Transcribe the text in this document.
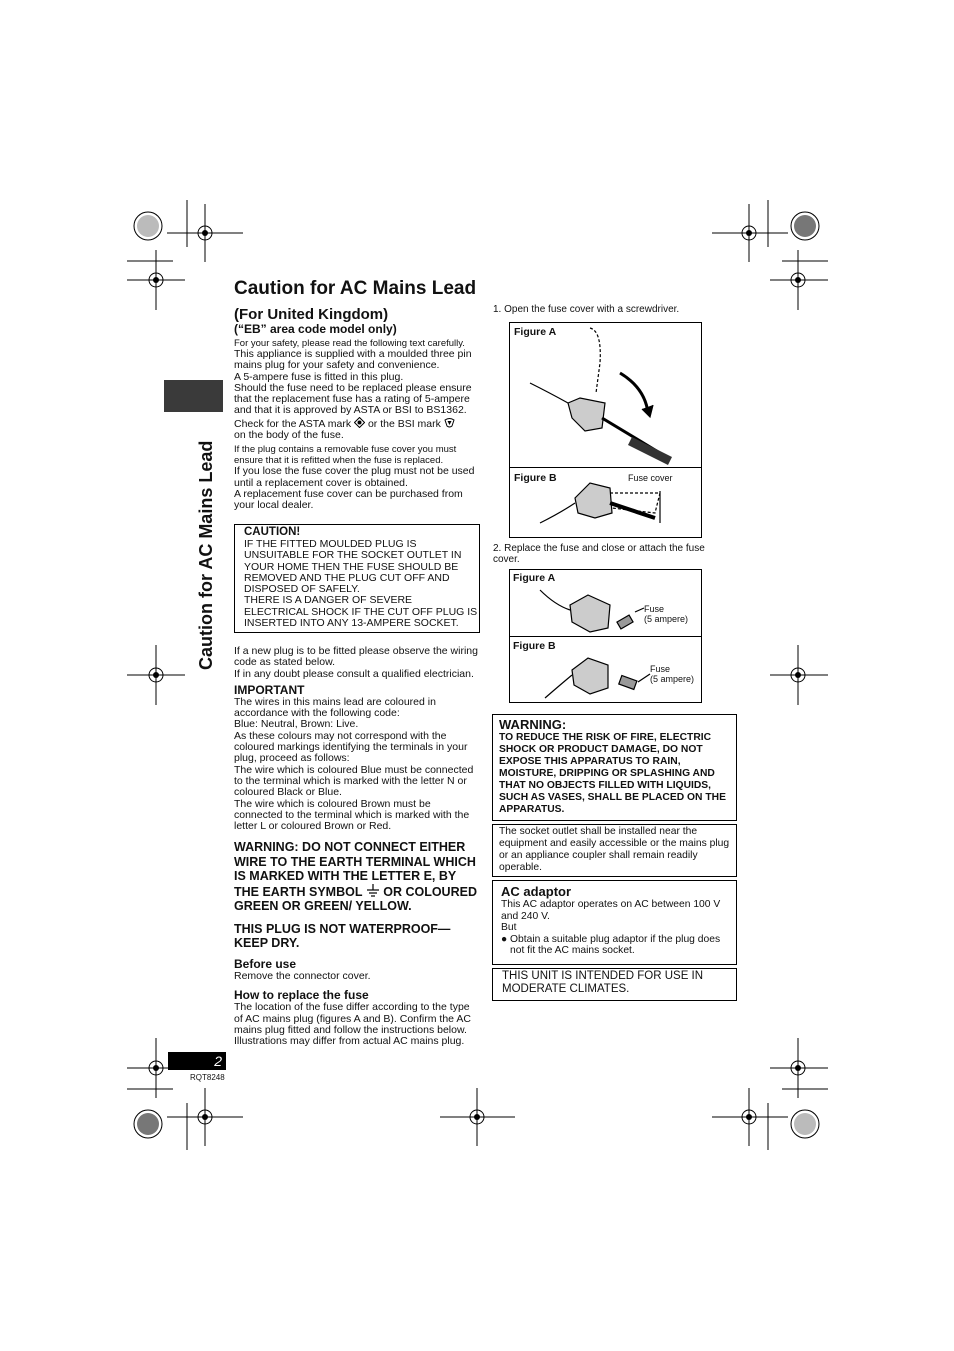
Caution for AC Mains Lead
Caution for AC Mains Lead
(For United Kingdom)
(“EB” area code model only)
For your safety, please read the following text carefully.
This appliance is supplied with a moulded three pin mains plug for your safety and convenience.
A 5-ampere fuse is fitted in this plug.
Should the fuse need to be replaced please ensure that the replacement fuse has a rating of 5-ampere and that it is approved by ASTA or BSI to BS1362.
Check for the ASTA mark or the BSI mark
on the body of the fuse.
If the plug contains a removable fuse cover you must ensure that it is refitted when the fuse is replaced.
If you lose the fuse cover the plug must not be used until a replacement cover is obtained.
A replacement fuse cover can be purchased from your local dealer.
CAUTION!
IF THE FITTED MOULDED PLUG IS UNSUITABLE FOR THE SOCKET OUTLET IN YOUR HOME THEN THE FUSE SHOULD BE REMOVED AND THE PLUG CUT OFF AND DISPOSED OF SAFELY.
THERE IS A DANGER OF SEVERE ELECTRICAL SHOCK IF THE CUT OFF PLUG IS INSERTED INTO ANY 13-AMPERE SOCKET.
If a new plug is to be fitted please observe the wiring code as stated below.
If in any doubt please consult a qualified electrician.
IMPORTANT
The wires in this mains lead are coloured in accordance with the following code:
Blue: Neutral, Brown: Live.
As these colours may not correspond with the coloured markings identifying the terminals in your plug, proceed as follows:
The wire which is coloured Blue must be connected to the terminal which is marked with the letter N or coloured Black or Blue.
The wire which is coloured Brown must be connected to the terminal which is marked with the letter L or coloured Brown or Red.
WARNING: DO NOT CONNECT EITHER WIRE TO THE EARTH TERMINAL WHICH IS MARKED WITH THE LETTER E, BY THE EARTH SYMBOL OR COLOURED GREEN OR GREEN/ YELLOW.
THIS PLUG IS NOT WATERPROOF— KEEP DRY.
Before use
Remove the connector cover.
How to replace the fuse
The location of the fuse differ according to the type of AC mains plug (figures A and B). Confirm the AC mains plug fitted and follow the instructions below.
Illustrations may differ from actual AC mains plug.
1. Open the fuse cover with a screwdriver.
Figure A
Figure B	Fuse cover
2. Replace the fuse and close or attach the fuse cover.
Figure A
Figure B
Fuse
(5 ampere)
Fuse
(5 ampere)
WARNING:
TO REDUCE THE RISK OF FIRE, ELECTRIC SHOCK OR PRODUCT DAMAGE, DO NOT EXPOSE THIS APPARATUS TO RAIN, MOISTURE, DRIPPING OR SPLASHING AND THAT NO OBJECTS FILLED WITH LIQUIDS, SUCH AS VASES, SHALL BE PLACED ON THE APPARATUS.
The socket outlet shall be installed near the equipment and easily accessible or the mains plug or an appliance coupler shall remain readily operable.
AC adaptor
This AC adaptor operates on AC between 100 V and 240 V.
But
● Obtain a suitable plug adaptor if the plug does not fit the AC mains socket.
THIS UNIT IS INTENDED FOR USE IN MODERATE CLIMATES.
2
RQT8248
